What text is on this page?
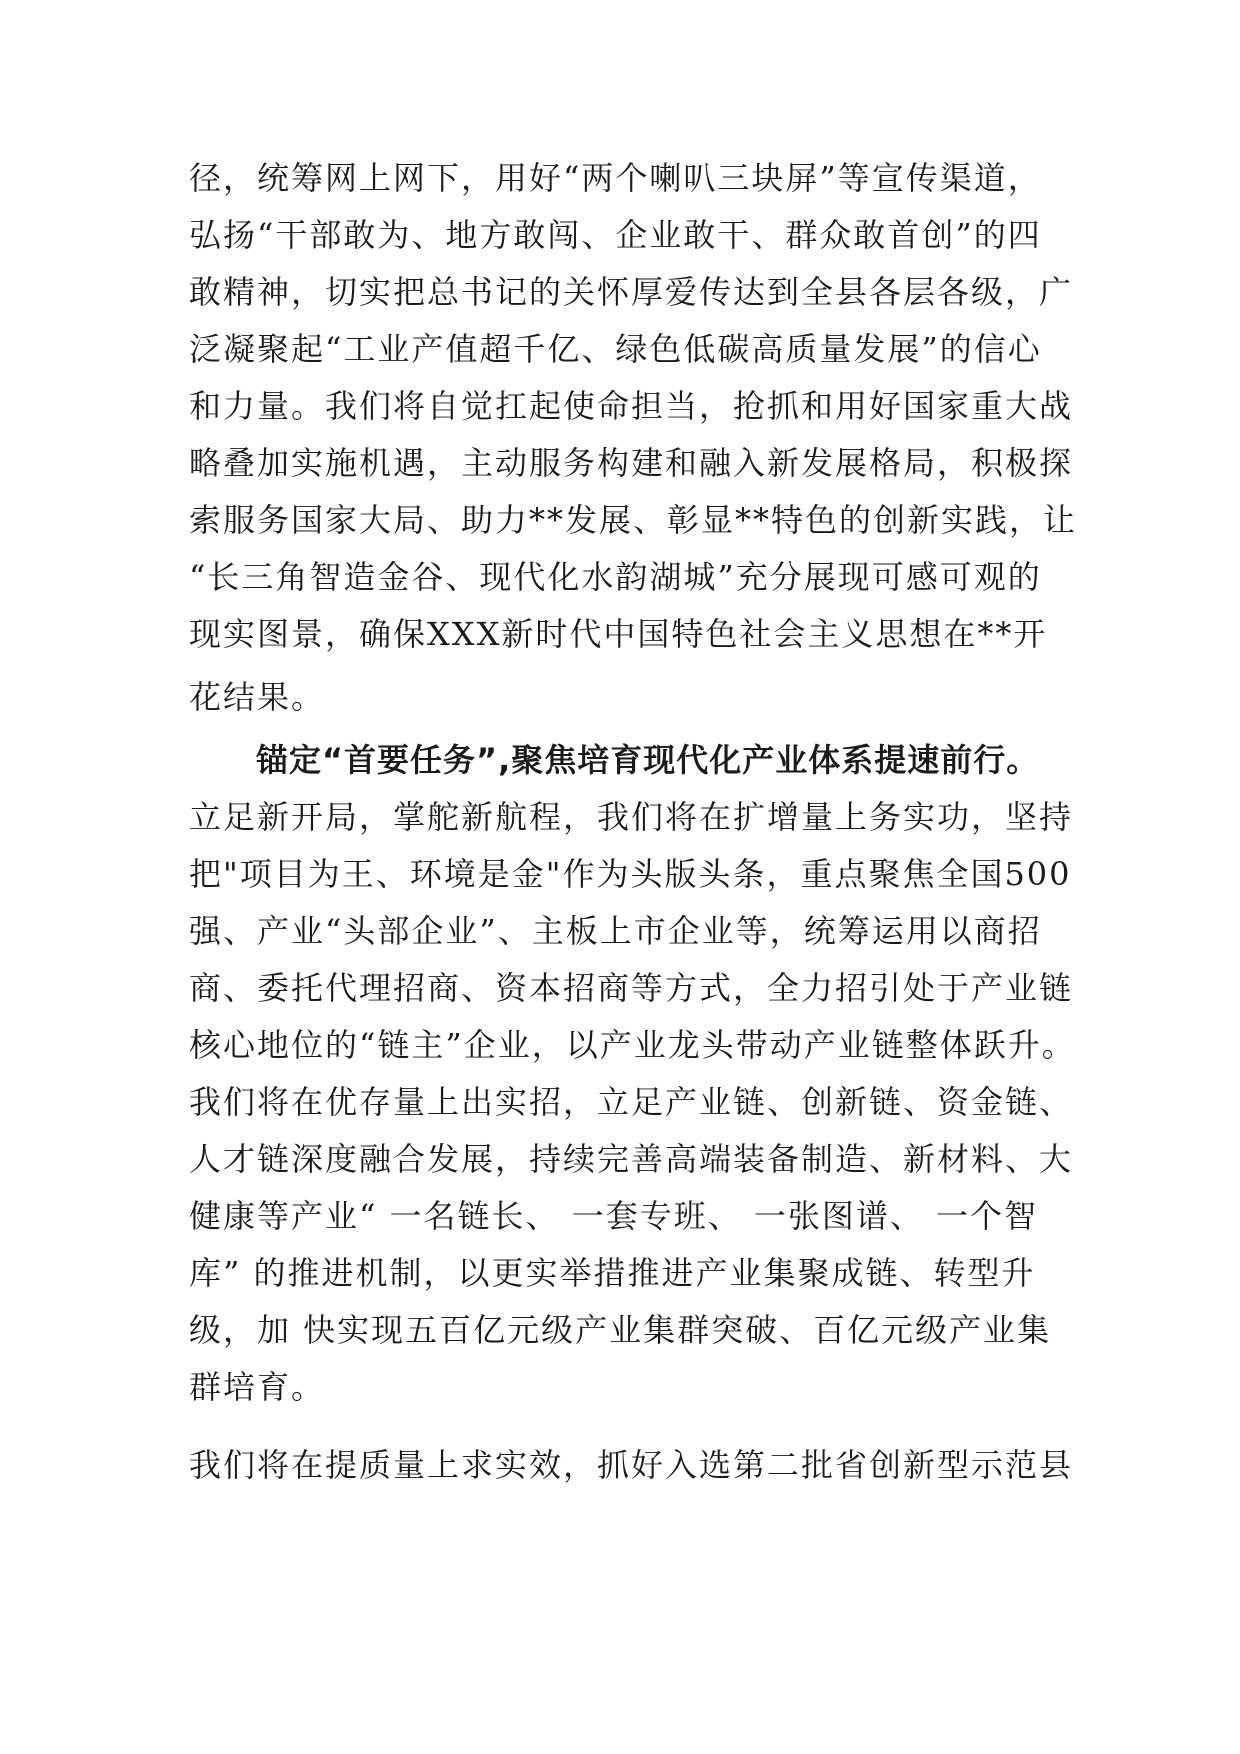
径，统筹网上网下，用好“两个喇叭三块屏”等宣传渠道，
弘扬“干部敢为、地方敢闯、企业敢干、群众敢首创”的四
敢精神，切实把总书记的关怀厚爱传达到全县各层各级，广
泛凝聚起“工业产值超千亿、绿色低碳高质量发展”的信心
和力量。我们将自觉扛起使命担当，抢抓和用好国家重大战
略叠加实施机遇，主动服务构建和融入新发展格局，积极探
索服务国家大局、助力**发展、彰显**特色的创新实践，让
“长三角智造金谷、现代化水韵湖城”充分展现可感可观的
现实图景，确保XXX新时代中国特色社会主义思想在**开
花结果。
锚定“首要任务”,聚焦培育现代化产业体系提速前行。
立足新开局，掌舵新航程，我们将在扩增量上务实功，坚持
把"项目为王、环境是金"作为头版头条，重点聚焦全国500
强、产业“头部企业”、主板上市企业等，统筹运用以商招
商、委托代理招商、资本招商等方式，全力招引处于产业链
核心地位的“链主”企业，以产业龙头带动产业链整体跃升。
我们将在优存量上出实招，立足产业链、创新链、资金链、
人才链深度融合发展，持续完善高端装备制造、新材料、大
健康等产业“ 一名链长、 一套专班、 一张图谱、 一个智
库” 的推进机制，以更实举措推进产业集聚成链、转型升
级，加 快实现五百亿元级产业集群突破、百亿元级产业集
群培育。
我们将在提质量上求实效，抓好入选第二批省创新型示范县
